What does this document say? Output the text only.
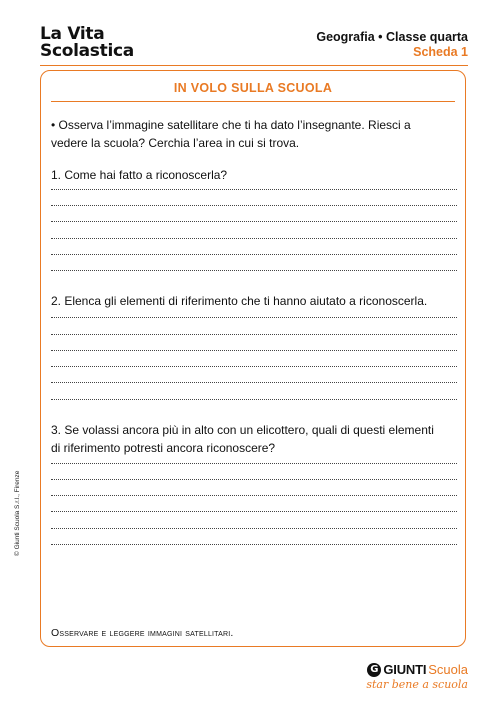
La Vita
Scolastica
Geografia • Classe quarta
Scheda 1
IN VOLO SULLA SCUOLA
• Osserva l’immagine satellitare che ti ha dato l’insegnante. Riesci a
vedere la scuola? Cerchia l’area in cui si trova.
1. Come hai fatto a riconoscerla?
2. Elenca gli elementi di riferimento che ti hanno aiutato a riconoscerla.
3. Se volassi ancora più in alto con un elicottero, quali di questi elementi
di riferimento potresti ancora riconoscere?
Osservare e leggere immagini satellitari.
© Giunti Scuola S.r.l., Firenze
G GIUNTI Scuola
star bene a scuola
